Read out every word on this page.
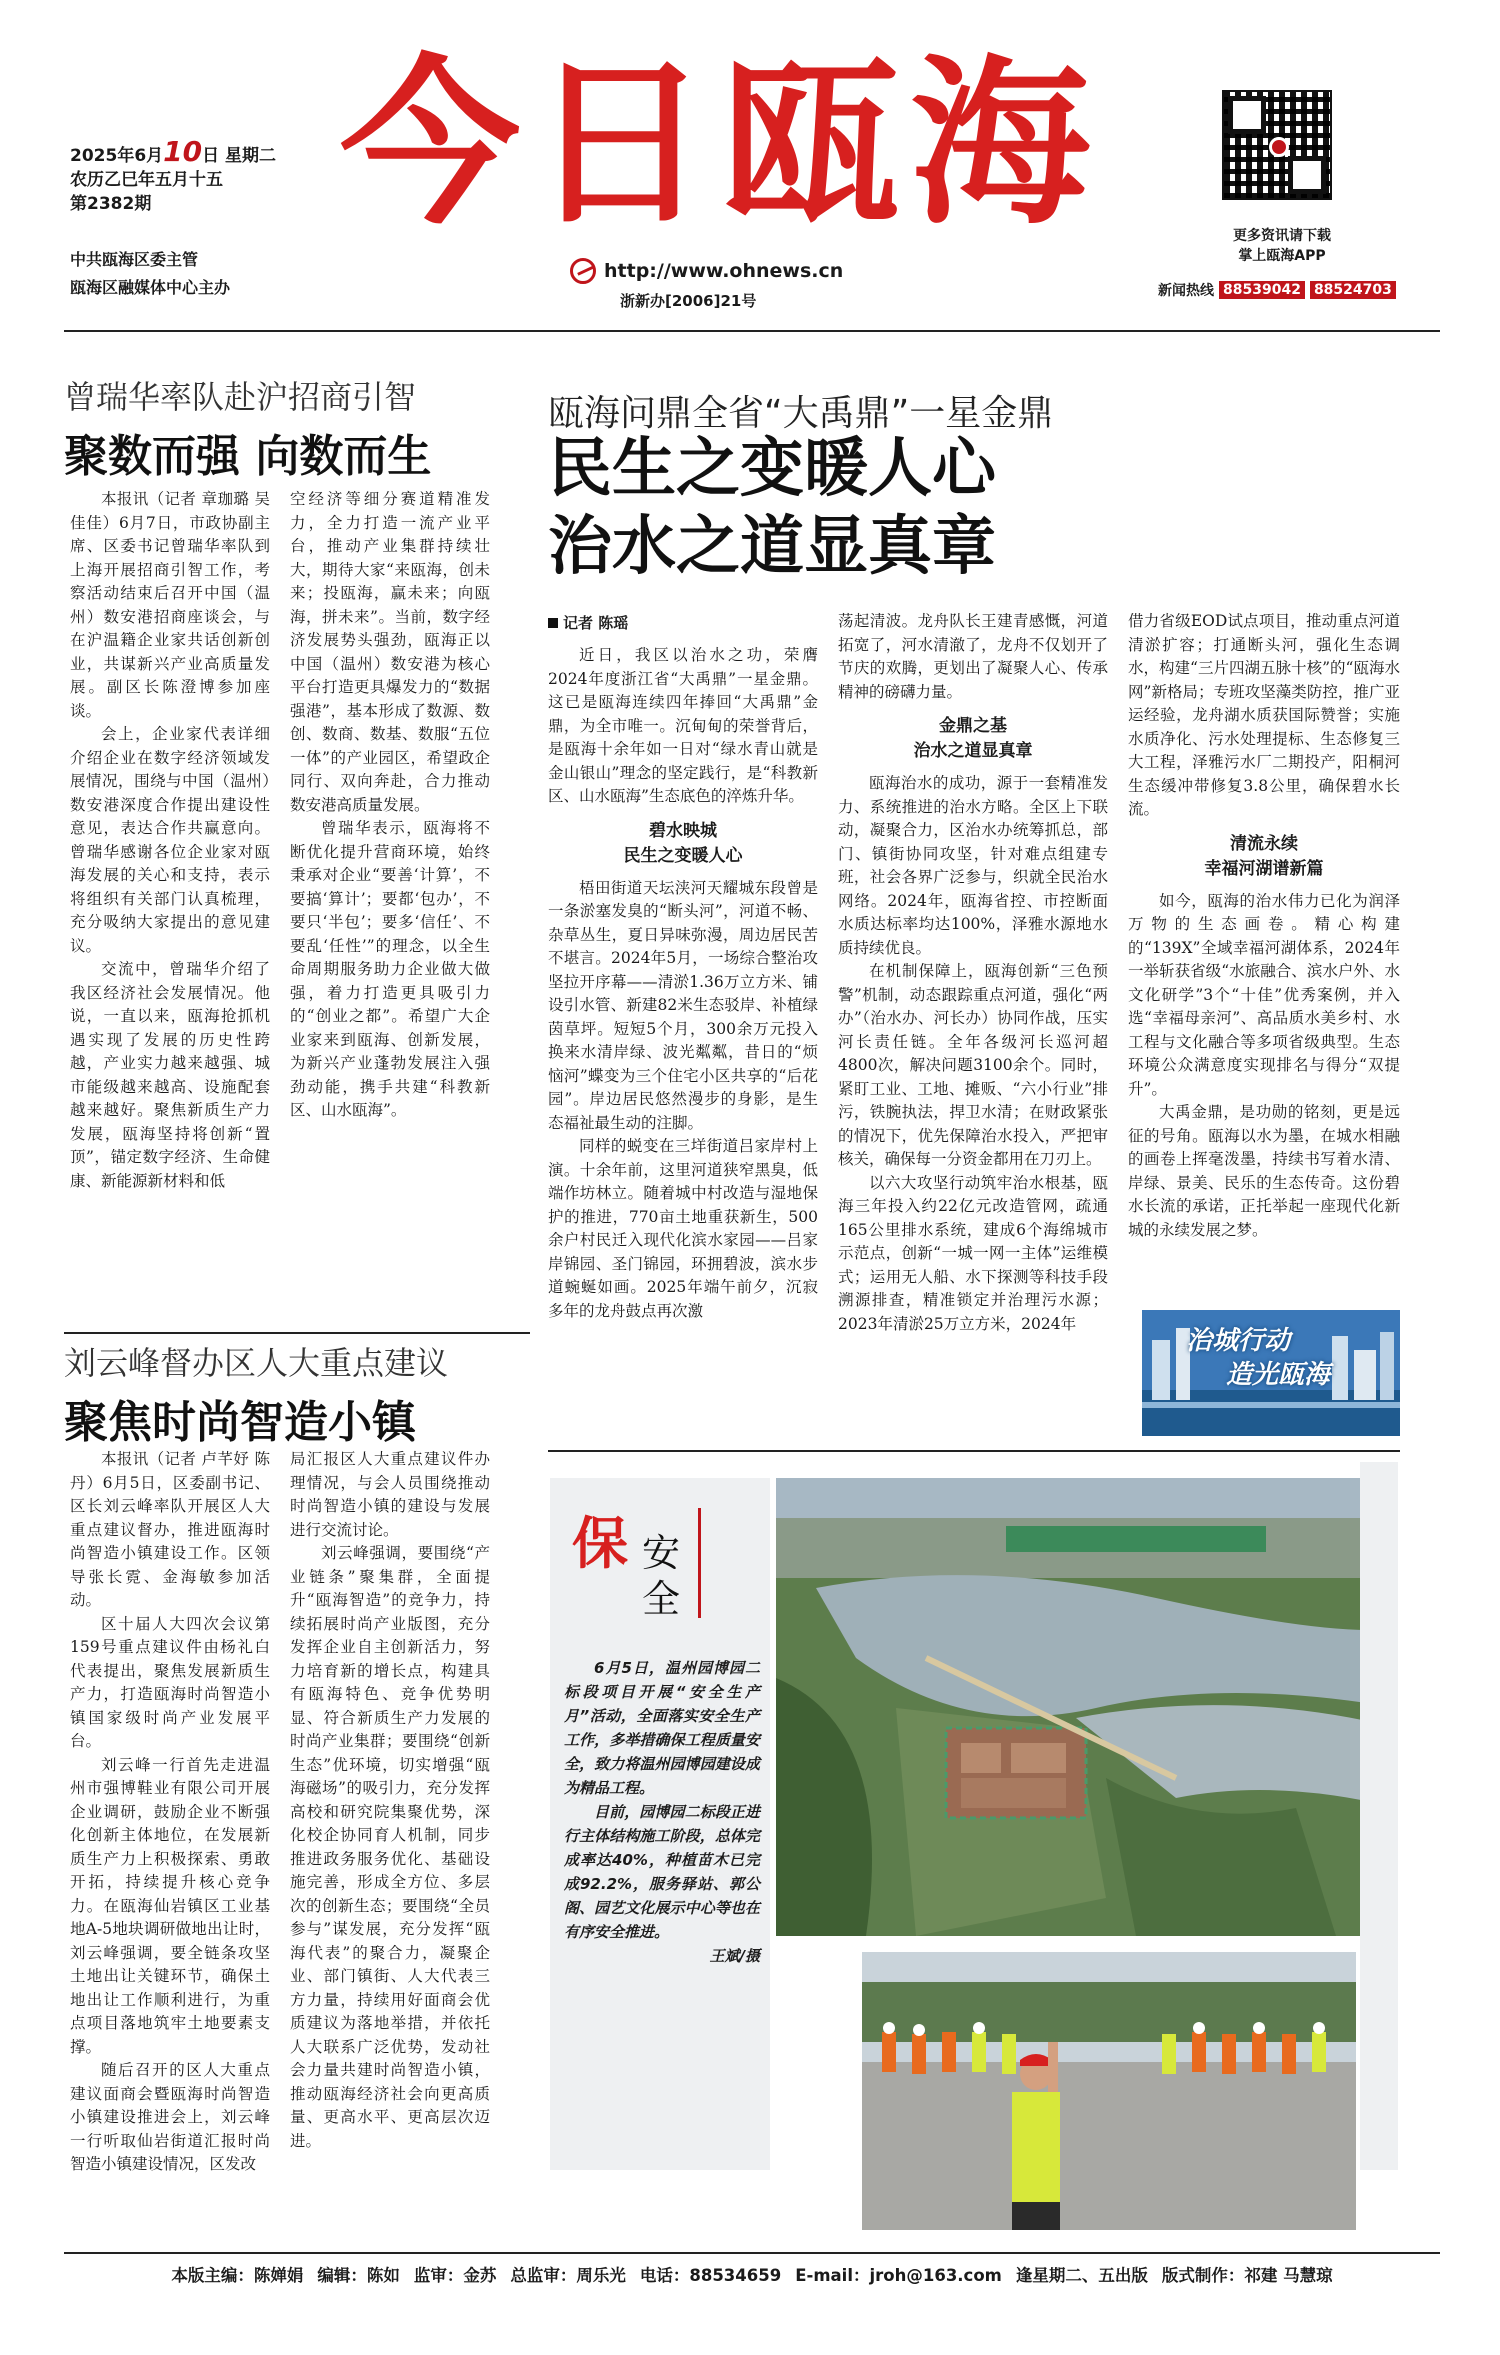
2025年6月10日 星期二
农历乙巳年五月十五
第2382期
中共瓯海区委主管
瓯海区融媒体中心主办
今日瓯海
http://www.ohnews.cn
浙新办[2006]21号
更多资讯请下载
掌上瓯海APP
新闻热线 88539042 88524703
曾瑞华率队赴沪招商引智
聚数而强 向数而生

本报讯（记者 章珈璐 吴佳佳）6月7日，市政协副主席、区委书记曾瑞华率队到上海开展招商引智工作，考察活动结束后召开中国（温州）数安港招商座谈会，与在沪温籍企业家共话创新创业，共谋新兴产业高质量发展。副区长陈澄博参加座谈。

会上，企业家代表详细介绍企业在数字经济领域发展情况，围绕与中国（温州）数安港深度合作提出建设性意见，表达合作共赢意向。曾瑞华感谢各位企业家对瓯海发展的关心和支持，表示将组织有关部门认真梳理，充分吸纳大家提出的意见建议。

交流中，曾瑞华介绍了我区经济社会发展情况。他说，一直以来，瓯海抢抓机遇实现了发展的历史性跨越，产业实力越来越强、城市能级越来越高、设施配套越来越好。聚焦新质生产力发展，瓯海坚持将创新“置顶”，锚定数字经济、生命健康、新能源新材料和低

空经济等细分赛道精准发力，全力打造一流产业平台，推动产业集群持续壮大，期待大家“来瓯海，创未来；投瓯海，赢未来；向瓯海，拼未来”。当前，数字经济发展势头强劲，瓯海正以中国（温州）数安港为核心平台打造更具爆发力的“数据强港”，基本形成了数源、数创、数商、数基、数服“五位一体”的产业园区，希望政企同行、双向奔赴，合力推动数安港高质量发展。

曾瑞华表示，瓯海将不断优化提升营商环境，始终秉承对企业“要善‘计算’，不要搞‘算计’；要都‘包办’，不要只‘半包’；要多‘信任’、不要乱‘任性’”的理念，以全生命周期服务助力企业做大做强，着力打造更具吸引力的“创业之都”。希望广大企业家来到瓯海、创新发展，为新兴产业蓬勃发展注入强劲动能，携手共建“科教新区、山水瓯海”。

刘云峰督办区人大重点建议
聚焦时尚智造小镇

本报讯（记者 卢芊妤 陈丹）6月5日，区委副书记、区长刘云峰率队开展区人大重点建议督办，推进瓯海时尚智造小镇建设工作。区领导张长霓、金海敏参加活动。

区十届人大四次会议第159号重点建议件由杨礼白代表提出，聚焦发展新质生产力，打造瓯海时尚智造小镇国家级时尚产业发展平台。

刘云峰一行首先走进温州市强博鞋业有限公司开展企业调研，鼓励企业不断强化创新主体地位，在发展新质生产力上积极探索、勇敢开拓，持续提升核心竞争力。在瓯海仙岩镇区工业基地A-5地块调研做地出让时，刘云峰强调，要全链条攻坚土地出让关键环节，确保土地出让工作顺利进行，为重点项目落地筑牢土地要素支撑。

随后召开的区人大重点建议面商会暨瓯海时尚智造小镇建设推进会上，刘云峰一行听取仙岩街道汇报时尚智造小镇建设情况，区发改

局汇报区人大重点建议件办理情况，与会人员围绕推动时尚智造小镇的建设与发展进行交流讨论。

刘云峰强调，要围绕“产业链条”聚集群，全面提升“瓯海智造”的竞争力，持续拓展时尚产业版图，充分发挥企业自主创新活力，努力培育新的增长点，构建具有瓯海特色、竞争优势明显、符合新质生产力发展的时尚产业集群；要围绕“创新生态”优环境，切实增强“瓯海磁场”的吸引力，充分发挥高校和研究院集聚优势，深化校企协同育人机制，同步推进政务服务优化、基础设施完善，形成全方位、多层次的创新生态；要围绕“全员参与”谋发展，充分发挥“瓯海代表”的聚合力，凝聚企业、部门镇街、人大代表三方力量，持续用好面商会优质建议为落地举措，并依托人大联系广泛优势，发动社会力量共建时尚智造小镇，推动瓯海经济社会向更高质量、更高水平、更高层次迈进。

瓯海问鼎全省“大禹鼎”一星金鼎
民生之变暖人心
治水之道显真章
记者 陈瑶

近日，我区以治水之功，荣膺2024年度浙江省“大禹鼎”一星金鼎。这已是瓯海连续四年捧回“大禹鼎”金鼎，为全市唯一。沉甸甸的荣誉背后，是瓯海十余年如一日对“绿水青山就是金山银山”理念的坚定践行，是“科教新区、山水瓯海”生态底色的淬炼升华。

碧水映城
民生之变暖人心

梧田街道天坛浃河天耀城东段曾是一条淤塞发臭的“断头河”，河道不畅、杂草丛生，夏日异味弥漫，周边居民苦不堪言。2024年5月，一场综合整治攻坚拉开序幕——清淤1.36万立方米、铺设引水管、新建82米生态驳岸、补植绿茵草坪。短短5个月，300余万元投入换来水清岸绿、波光粼粼，昔日的“烦恼河”蝶变为三个住宅小区共享的“后花园”。岸边居民悠然漫步的身影，是生态福祉最生动的注脚。

同样的蜕变在三垟街道吕家岸村上演。十余年前，这里河道狭窄黑臭，低端作坊林立。随着城中村改造与湿地保护的推进，770亩土地重获新生，500余户村民迁入现代化滨水家园——吕家岸锦园、圣门锦园，环拥碧波，滨水步道蜿蜒如画。2025年端午前夕，沉寂多年的龙舟鼓点再次激

荡起清波。龙舟队长王建青感慨，河道拓宽了，河水清澈了，龙舟不仅划开了节庆的欢腾，更划出了凝聚人心、传承精神的磅礴力量。

金鼎之基
治水之道显真章

瓯海治水的成功，源于一套精准发力、系统推进的治水方略。全区上下联动，凝聚合力，区治水办统筹抓总，部门、镇街协同攻坚，针对难点组建专班，社会各界广泛参与，织就全民治水网络。2024年，瓯海省控、市控断面水质达标率均达100%，泽雅水源地水质持续优良。

在机制保障上，瓯海创新“三色预警”机制，动态跟踪重点河道，强化“两办”（治水办、河长办）协同作战，压实河长责任链。全年各级河长巡河超4800次，解决问题3100余个。同时，紧盯工业、工地、摊贩、“六小行业”排污，铁腕执法，捍卫水清；在财政紧张的情况下，优先保障治水投入，严把审核关，确保每一分资金都用在刀刃上。

以六大攻坚行动筑牢治水根基，瓯海三年投入约22亿元改造管网，疏通165公里排水系统，建成6个海绵城市示范点，创新“一城一网一主体”运维模式；运用无人船、水下探测等科技手段溯源排查，精准锁定并治理污水源；2023年清淤25万立方米，2024年

借力省级EOD试点项目，推动重点河道清淤扩容；打通断头河，强化生态调水，构建“三片四湖五脉十核”的“瓯海水网”新格局；专班攻坚藻类防控，推广亚运经验，龙舟湖水质获国际赞誉；实施水质净化、污水处理提标、生态修复三大工程，泽雅污水厂二期投产，阳桐河生态缓冲带修复3.8公里，确保碧水长流。

清流永续
幸福河湖谱新篇

如今，瓯海的治水伟力已化为润泽万物的生态画卷。精心构建的“139X”全域幸福河湖体系，2024年一举斩获省级“水旅融合、滨水户外、水文化研学”3个“十佳”优秀案例，并入选“幸福母亲河”、高品质水美乡村、水工程与文化融合等多项省级典型。生态环境公众满意度实现排名与得分“双提升”。

大禹金鼎，是功勋的铭刻，更是远征的号角。瓯海以水为墨，在城水相融的画卷上挥毫泼墨，持续书写着水清、岸绿、景美、民乐的生态传奇。这份碧水长流的承诺，正托举起一座现代化新城的永续发展之梦。

治城行动
造光瓯海
保 安全

6月5日，温州园博园二标段项目开展“安全生产月”活动，全面落实安全生产工作，多举措确保工程质量安全，致力将温州园博园建设成为精品工程。

目前，园博园二标段正进行主体结构施工阶段，总体完成率达40%，种植苗木已完成92.2%，服务驿站、郭公阁、园艺文化展示中心等也在有序安全推进。

王斌/摄

本版主编：陈婵娟 编辑：陈如 监审：金苏 总监审：周乐光 电话：88534659 E-mail：jroh@163.com 逢星期二、五出版 版式制作：祁建 马慧琼
